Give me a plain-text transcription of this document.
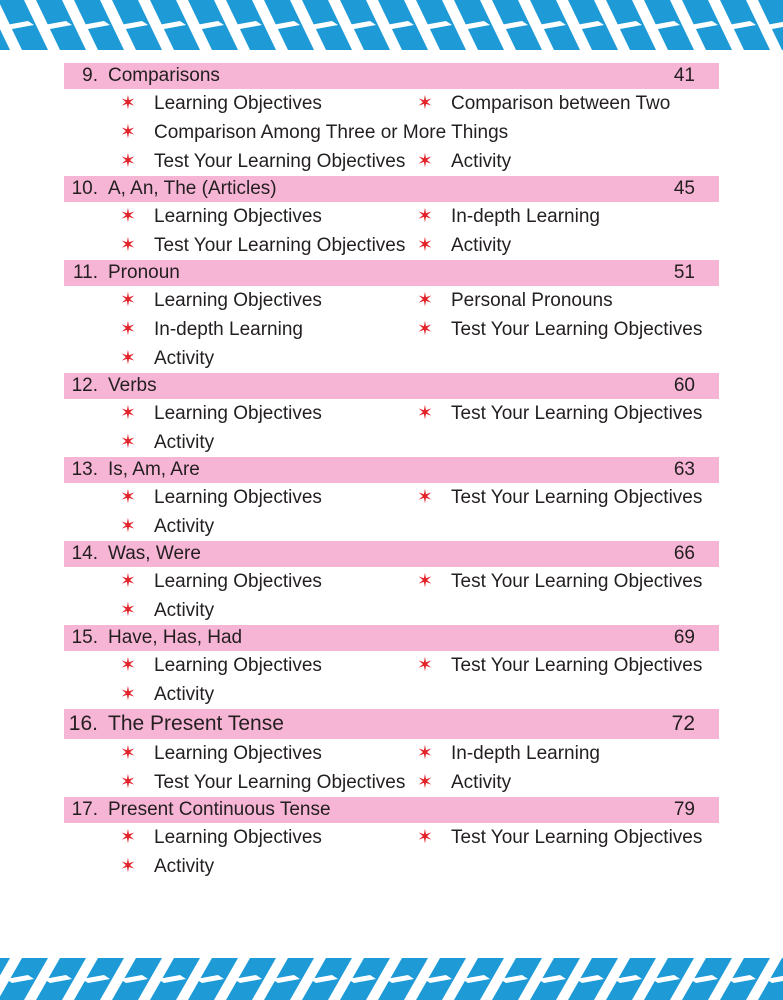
9. Comparisons	41
✶ Learning Objectives	✶ Comparison between Two
✶ Comparison Among Three or More Things
✶ Test Your Learning Objectives ✶ Activity
10. A, An, The (Articles)	45
✶ Learning Objectives	✶ In-depth Learning
✶ Test Your Learning Objectives ✶ Activity
11. Pronoun	51
✶ Learning Objectives	✶ Personal Pronouns
✶ In-depth Learning	✶ Test Your Learning Objectives
✶ Activity
12. Verbs	60
✶ Learning Objectives	✶ Test Your Learning Objectives
✶ Activity
13. Is, Am, Are	63
✶ Learning Objectives	✶ Test Your Learning Objectives
✶ Activity
14. Was, Were	66
✶ Learning Objectives	✶ Test Your Learning Objectives
✶ Activity
15. Have, Has, Had	69
✶ Learning Objectives	✶ Test Your Learning Objectives
✶ Activity
16. The Present Tense	72
✶ Learning Objectives	✶ In-depth Learning
✶ Test Your Learning Objectives ✶ Activity
17. Present Continuous Tense	79
✶ Learning Objectives	✶ Test Your Learning Objectives
✶ Activity
